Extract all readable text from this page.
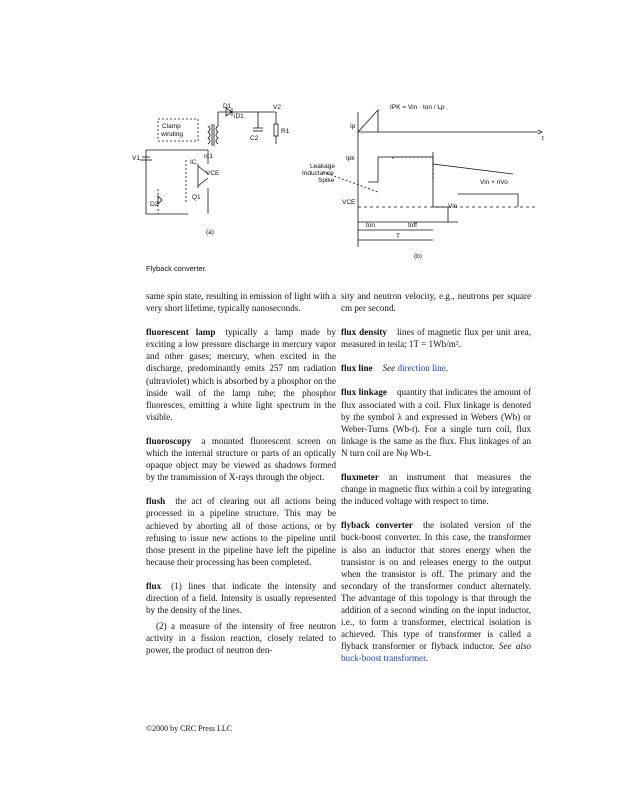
D1
iD1
V2
Clamp
winding
C2
R1
n:1
V1
IC
VCE
Q1
D2
(a)
IPK = Vin · ton / Lp
Ip
t
Ipk
Leakage
Inductance
Spike	Vin + nVo
VCE
Vin
ton	toff
T
(b)
Flyback converter.

same spin state, resulting in emission of light with a very short lifetime, typically nanoseconds.

fluorescent lamp typically a lamp made by exciting a low pressure discharge in mercury vapor and other gases; mercury, when excited in the discharge, predominantly emits 257 nm radiation (ultraviolet) which is absorbed by a phosphor on the inside wall of the lamp tube; the phosphor fluoresces, emitting a white light spectrum in the visible.

fluoroscopy a mounted fluorescent screen on which the internal structure or parts of an optically opaque object may be viewed as shadows formed by the transmission of X-rays through the object.

flush the act of clearing out all actions being processed in a pipeline structure. This may be achieved by aborting all of those actions, or by refusing to issue new actions to the pipeline until those present in the pipeline have left the pipeline because their processing has been completed.

flux (1) lines that indicate the intensity and direction of a field. Intensity is usually represented by the density of the lines.

(2) a measure of the intensity of free neutron activity in a fission reaction, closely related to power, the product of neutron den-

sity and neutron velocity, e.g., neutrons per square cm per second.

flux density lines of magnetic flux per unit area, measured in tesla; 1T = 1Wb/m².

flux line See direction line.

flux linkage quantity that indicates the amount of flux associated with a coil. Flux linkage is denoted by the symbol λ and expressed in Webers (Wb) or Weber-Turns (Wb-t). For a single turn coil, flux linkage is the same as the flux. Flux linkages of an N turn coil are Nφ Wb-t.

fluxmeter an instrument that measures the change in magnetic flux within a coil by integrating the induced voltage with respect to time.

flyback converter the isolated version of the buck-boost converter. In this case, the transformer is also an inductor that stores energy when the transistor is on and releases energy to the output when the transistor is off. The primary and the secondary of the transformer conduct alternately. The advantage of this topology is that through the addition of a second winding on the input inductor, i.e., to form a transformer, electrical isolation is achieved. This type of transformer is called a flyback transformer or flyback inductor. See also buck-boost transformer.

©2000 by CRC Press LLC
